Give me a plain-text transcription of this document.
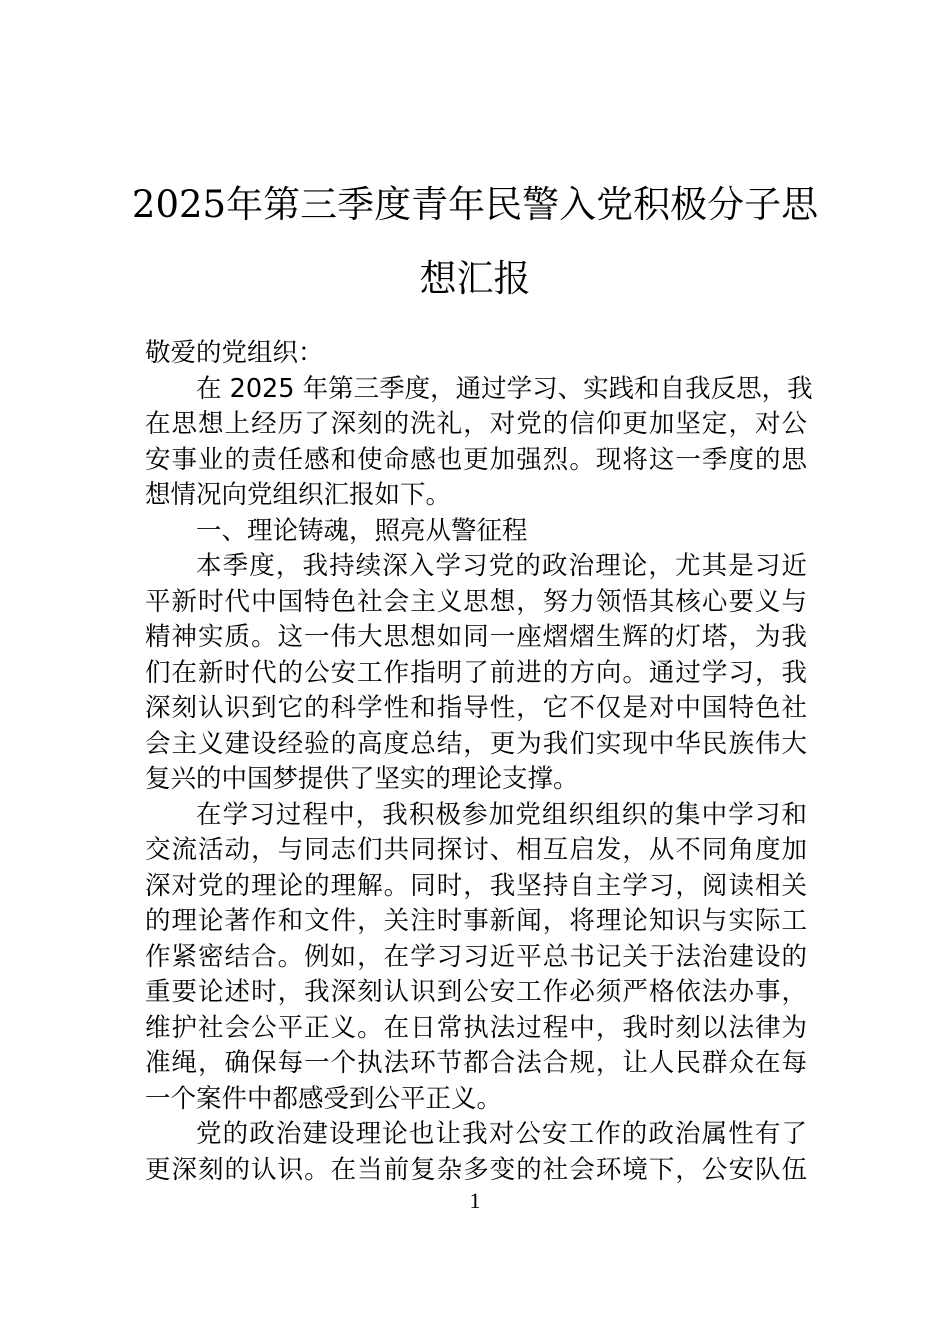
2025年第三季度青年民警入党积极分子思
想汇报
敬爱的党组织：
在 2025 年第三季度，通过学习、实践和自我反思，我
在思想上经历了深刻的洗礼，对党的信仰更加坚定，对公
安事业的责任感和使命感也更加强烈。现将这一季度的思
想情况向党组织汇报如下。
一、理论铸魂，照亮从警征程
本季度，我持续深入学习党的政治理论，尤其是习近
平新时代中国特色社会主义思想，努力领悟其核心要义与
精神实质。这一伟大思想如同一座熠熠生辉的灯塔，为我
们在新时代的公安工作指明了前进的方向。通过学习，我
深刻认识到它的科学性和指导性，它不仅是对中国特色社
会主义建设经验的高度总结，更为我们实现中华民族伟大
复兴的中国梦提供了坚实的理论支撑。
在学习过程中，我积极参加党组织组织的集中学习和
交流活动，与同志们共同探讨、相互启发，从不同角度加
深对党的理论的理解。同时，我坚持自主学习，阅读相关
的理论著作和文件，关注时事新闻，将理论知识与实际工
作紧密结合。例如，在学习习近平总书记关于法治建设的
重要论述时，我深刻认识到公安工作必须严格依法办事，
维护社会公平正义。在日常执法过程中，我时刻以法律为
准绳，确保每一个执法环节都合法合规，让人民群众在每
一个案件中都感受到公平正义。
党的政治建设理论也让我对公安工作的政治属性有了
更深刻的认识。在当前复杂多变的社会环境下，公安队伍
1
